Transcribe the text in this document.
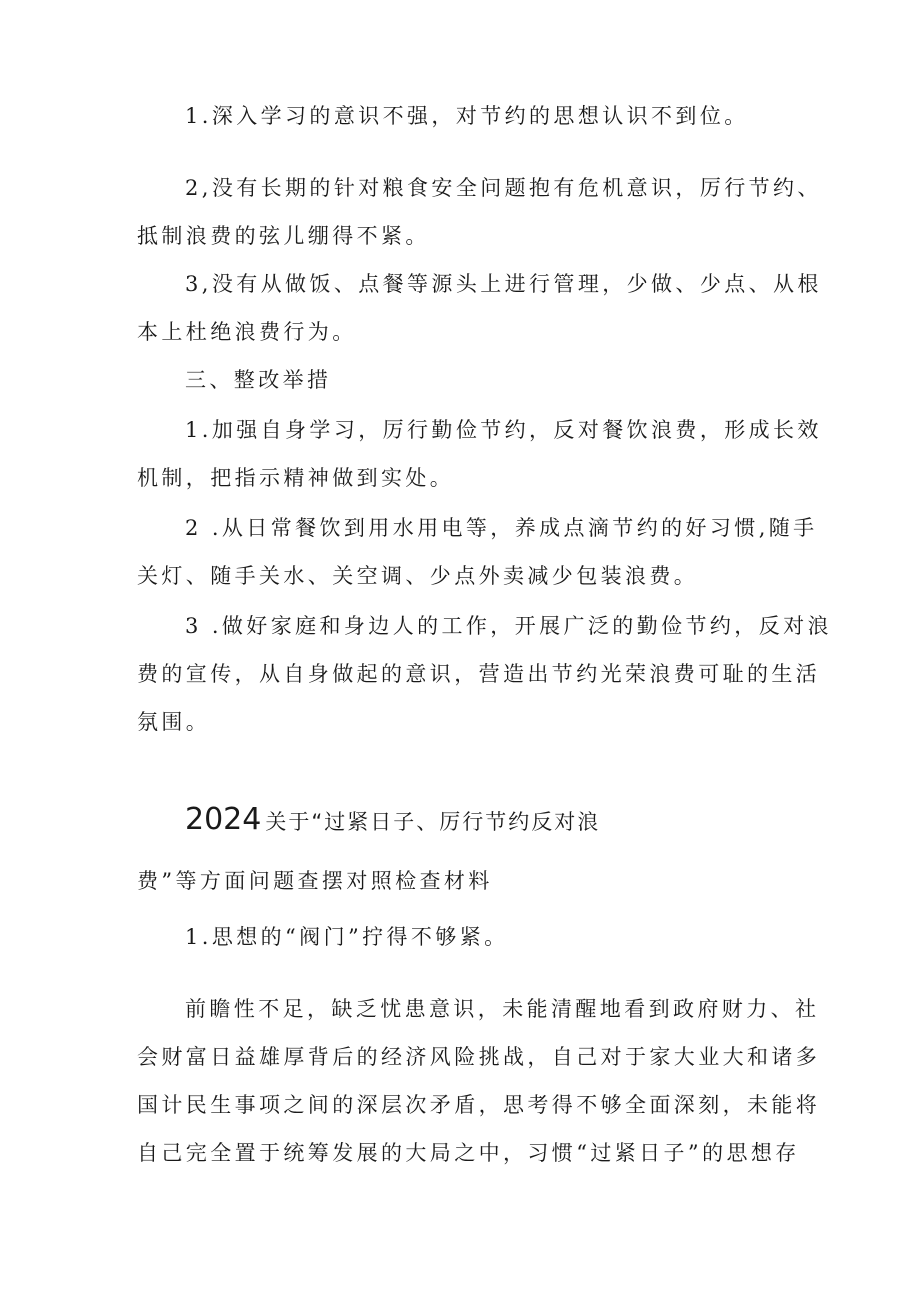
1.深入学习的意识不强，对节约的思想认识不到位。
2,没有长期的针对粮食安全问题抱有危机意识，厉行节约、
抵制浪费的弦儿绷得不紧。
3,没有从做饭、点餐等源头上进行管理，少做、少点、从根
本上杜绝浪费行为。
三、整改举措
1.加强自身学习，厉行勤俭节约，反对餐饮浪费，形成长效
机制，把指示精神做到实处。
2 .从日常餐饮到用水用电等，养成点滴节约的好习惯,随手
关灯、随手关水、关空调、少点外卖减少包装浪费。
3 .做好家庭和身边人的工作，开展广泛的勤俭节约，反对浪
费的宣传，从自身做起的意识，营造出节约光荣浪费可耻的生活
氛围。
2024 关于“过紧日子、厉行节约反对浪
费”等方面问题查摆对照检查材料
1.思想的“阀门”拧得不够紧。
前瞻性不足，缺乏忧患意识，未能清醒地看到政府财力、社
会财富日益雄厚背后的经济风险挑战，自己对于家大业大和诸多
国计民生事项之间的深层次矛盾，思考得不够全面深刻，未能将
自己完全置于统筹发展的大局之中，习惯“过紧日子”的思想存
